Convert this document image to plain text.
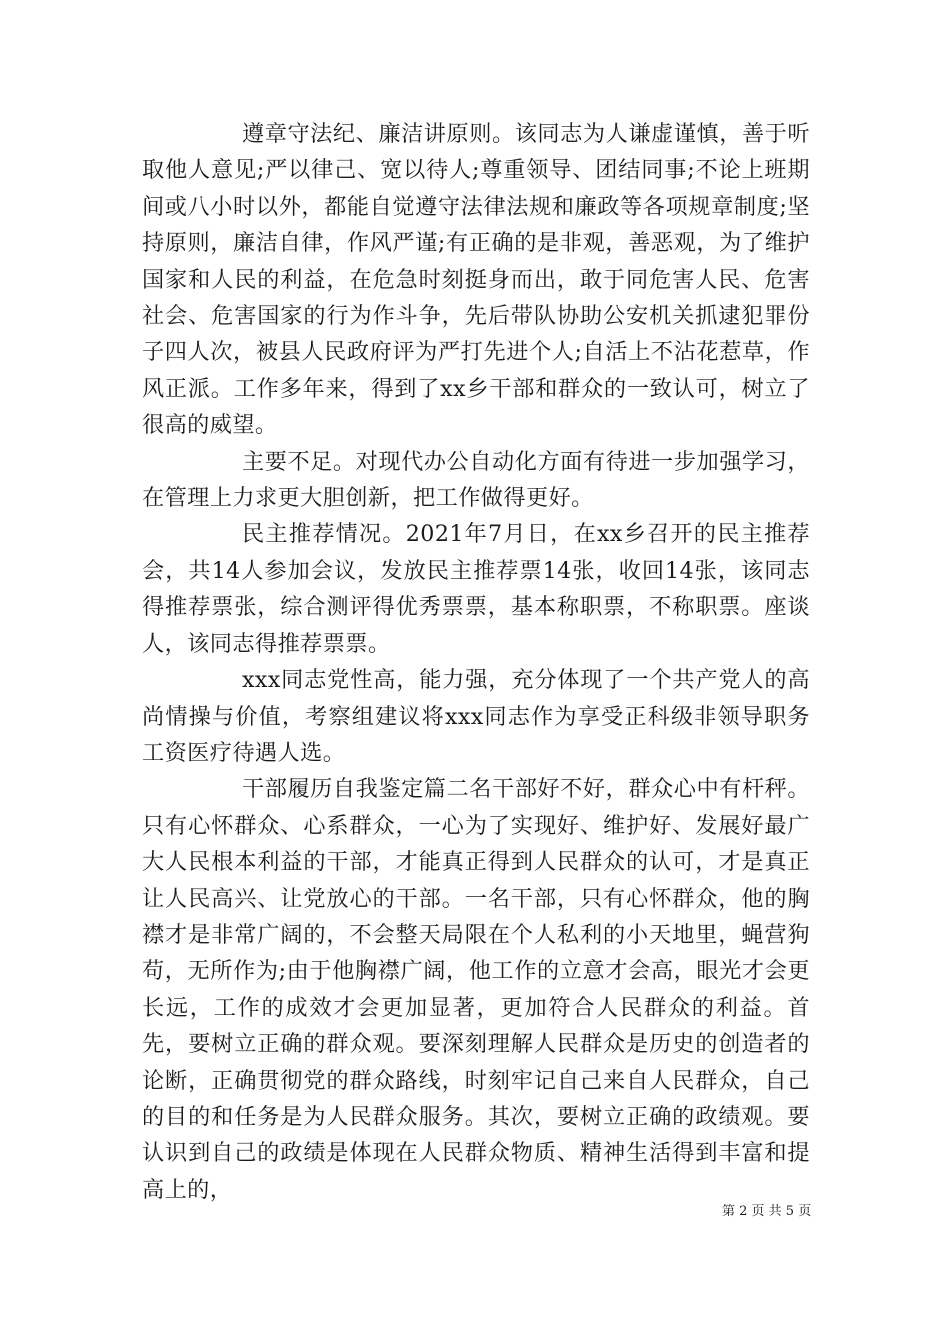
遵章守法纪、廉洁讲原则。该同志为人谦虚谨慎，善于听取他人意见;严以律己、宽以待人;尊重领导、团结同事;不论上班期间或八小时以外，都能自觉遵守法律法规和廉政等各项规章制度;坚持原则，廉洁自律，作风严谨;有正确的是非观，善恶观，为了维护国家和人民的利益，在危急时刻挺身而出，敢于同危害人民、危害社会、危害国家的行为作斗争，先后带队协助公安机关抓逮犯罪份子四人次，被县人民政府评为严打先进个人;自活上不沾花惹草，作风正派。工作多年来，得到了xx乡干部和群众的一致认可，树立了很高的威望。

主要不足。对现代办公自动化方面有待进一步加强学习，在管理上力求更大胆创新，把工作做得更好。

民主推荐情况。2021年7月日，在xx乡召开的民主推荐会，共14人参加会议，发放民主推荐票14张，收回14张，该同志得推荐票张，综合测评得优秀票票，基本称职票，不称职票。座谈人，该同志得推荐票票。

xxx同志党性高，能力强，充分体现了一个共产党人的高尚情操与价值，考察组建议将xxx同志作为享受正科级非领导职务工资医疗待遇人选。

干部履历自我鉴定篇二名干部好不好，群众心中有杆秤。只有心怀群众、心系群众，一心为了实现好、维护好、发展好最广大人民根本利益的干部，才能真正得到人民群众的认可，才是真正让人民高兴、让党放心的干部。一名干部，只有心怀群众，他的胸襟才是非常广阔的，不会整天局限在个人私利的小天地里，蝇营狗苟，无所作为;由于他胸襟广阔，他工作的立意才会高，眼光才会更长远，工作的成效才会更加显著，更加符合人民群众的利益。首先，要树立正确的群众观。要深刻理解人民群众是历史的创造者的论断，正确贯彻党的群众路线，时刻牢记自己来自人民群众，自己的目的和任务是为人民群众服务。其次，要树立正确的政绩观。要认识到自己的政绩是体现在人民群众物质、精神生活得到丰富和提高上的，

第 2 页 共 5 页
